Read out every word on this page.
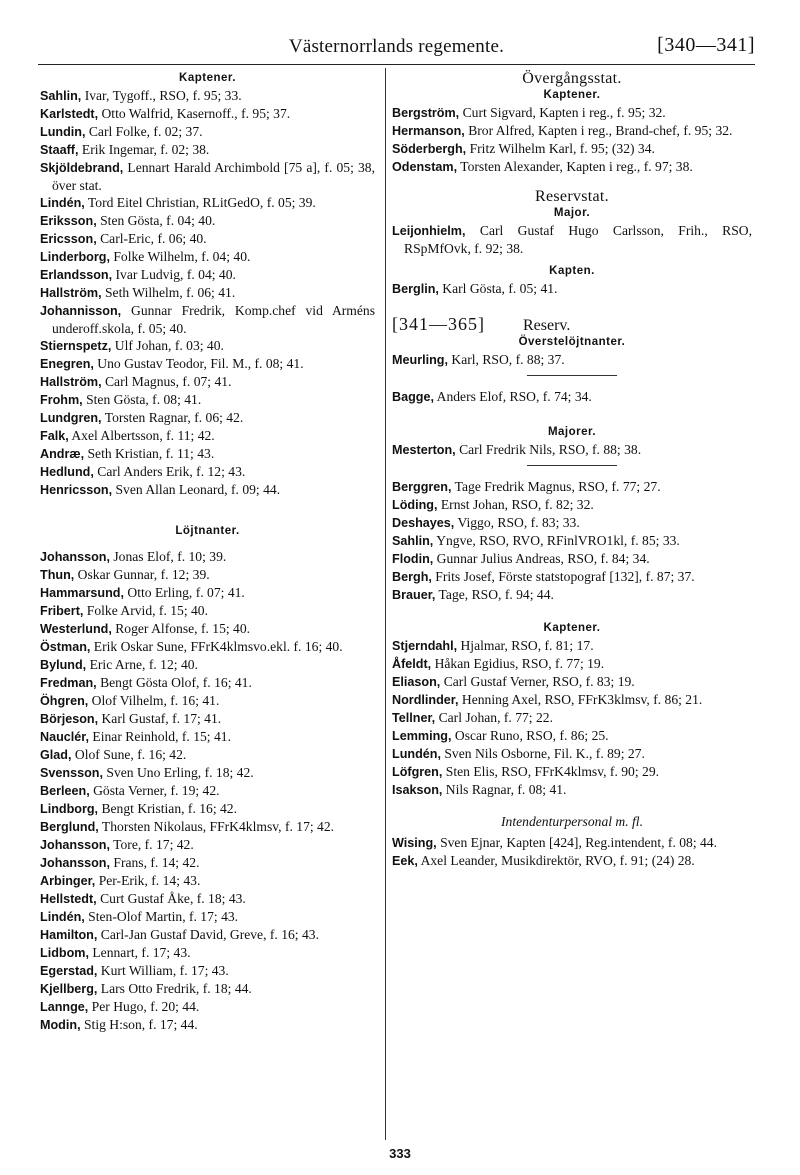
Västernorrlands regemente.	[340—341]
Kaptener.
Sahlin, Ivar, Tygoff., RSO, f. 95; 33.
Karlstedt, Otto Walfrid, Kasernoff., f. 95; 37.
Lundin, Carl Folke, f. 02; 37.
Staaff, Erik Ingemar, f. 02; 38.
Skjöldebrand, Lennart Harald Archimbold [75 a], f. 05; 38, över stat.
Lindén, Tord Eitel Christian, RLitGedO, f. 05; 39.
Eriksson, Sten Gösta, f. 04; 40.
Ericsson, Carl-Eric, f. 06; 40.
Linderborg, Folke Wilhelm, f. 04; 40.
Erlandsson, Ivar Ludvig, f. 04; 40.
Hallström, Seth Wilhelm, f. 06; 41.
Johannisson, Gunnar Fredrik, Komp.chef vid Arméns underoff.skola, f. 05; 40.
Stiernspetz, Ulf Johan, f. 03; 40.
Enegren, Uno Gustav Teodor, Fil. M., f. 08; 41.
Hallström, Carl Magnus, f. 07; 41.
Frohm, Sten Gösta, f. 08; 41.
Lundgren, Torsten Ragnar, f. 06; 42.
Falk, Axel Albertsson, f. 11; 42.
Andræ, Seth Kristian, f. 11; 43.
Hedlund, Carl Anders Erik, f. 12; 43.
Henricsson, Sven Allan Leonard, f. 09; 44.
Löjtnanter.
Johansson, Jonas Elof, f. 10; 39.
Thun, Oskar Gunnar, f. 12; 39.
Hammarsund, Otto Erling, f. 07; 41.
Fribert, Folke Arvid, f. 15; 40.
Westerlund, Roger Alfonse, f. 15; 40.
Östman, Erik Oskar Sune, FFrK4klmsvo.ekl. f. 16; 40.
Bylund, Eric Arne, f. 12; 40.
Fredman, Bengt Gösta Olof, f. 16; 41.
Öhgren, Olof Vilhelm, f. 16; 41.
Börjeson, Karl Gustaf, f. 17; 41.
Nauclér, Einar Reinhold, f. 15; 41.
Glad, Olof Sune, f. 16; 42.
Svensson, Sven Uno Erling, f. 18; 42.
Berleen, Gösta Verner, f. 19; 42.
Lindborg, Bengt Kristian, f. 16; 42.
Berglund, Thorsten Nikolaus, FFrK4klmsv, f. 17; 42.
Johansson, Tore, f. 17; 42.
Johansson, Frans, f. 14; 42.
Arbinger, Per-Erik, f. 14; 43.
Hellstedt, Curt Gustaf Åke, f. 18; 43.
Lindén, Sten-Olof Martin, f. 17; 43.
Hamilton, Carl-Jan Gustaf David, Greve, f. 16; 43.
Lidbom, Lennart, f. 17; 43.
Egerstad, Kurt William, f. 17; 43.
Kjellberg, Lars Otto Fredrik, f. 18; 44.
Lannge, Per Hugo, f. 20; 44.
Modin, Stig H:son, f. 17; 44.
Övergångsstat.
Kaptener.
Bergström, Curt Sigvard, Kapten i reg., f. 95; 32.
Hermanson, Bror Alfred, Kapten i reg., Brand-chef, f. 95; 32.
Söderbergh, Fritz Wilhelm Karl, f. 95; (32) 34.
Odenstam, Torsten Alexander, Kapten i reg., f. 97; 38.
Reservstat.
Major.
Leijonhielm, Carl Gustaf Hugo Carlsson, Frih., RSO, RSpMfOvk, f. 92; 38.
Kapten.
Berglin, Karl Gösta, f. 05; 41.
[341—365] Reserv.
Överstelöjtnanter.
Meurling, Karl, RSO, f. 88; 37.
Bagge, Anders Elof, RSO, f. 74; 34.
Majorer.
Mesterton, Carl Fredrik Nils, RSO, f. 88; 38.
Berggren, Tage Fredrik Magnus, RSO, f. 77; 27.
Löding, Ernst Johan, RSO, f. 82; 32.
Deshayes, Viggo, RSO, f. 83; 33.
Sahlin, Yngve, RSO, RVO, RFinlVRO1kl, f. 85; 33.
Flodin, Gunnar Julius Andreas, RSO, f. 84; 34.
Bergh, Frits Josef, Förste statstopograf [132], f. 87; 37.
Brauer, Tage, RSO, f. 94; 44.
Kaptener.
Stjerndahl, Hjalmar, RSO, f. 81; 17.
Åfeldt, Håkan Egidius, RSO, f. 77; 19.
Eliason, Carl Gustaf Verner, RSO, f. 83; 19.
Nordlinder, Henning Axel, RSO, FFrK3klmsv, f. 86; 21.
Tellner, Carl Johan, f. 77; 22.
Lemming, Oscar Runo, RSO, f. 86; 25.
Lundén, Sven Nils Osborne, Fil. K., f. 89; 27.
Löfgren, Sten Elis, RSO, FFrK4klmsv, f. 90; 29.
Isakson, Nils Ragnar, f. 08; 41.
Intendenturpersonal m. fl.
Wising, Sven Ejnar, Kapten [424], Reg.intendent, f. 08; 44.
Eek, Axel Leander, Musikdirektör, RVO, f. 91; (24) 28.
333
